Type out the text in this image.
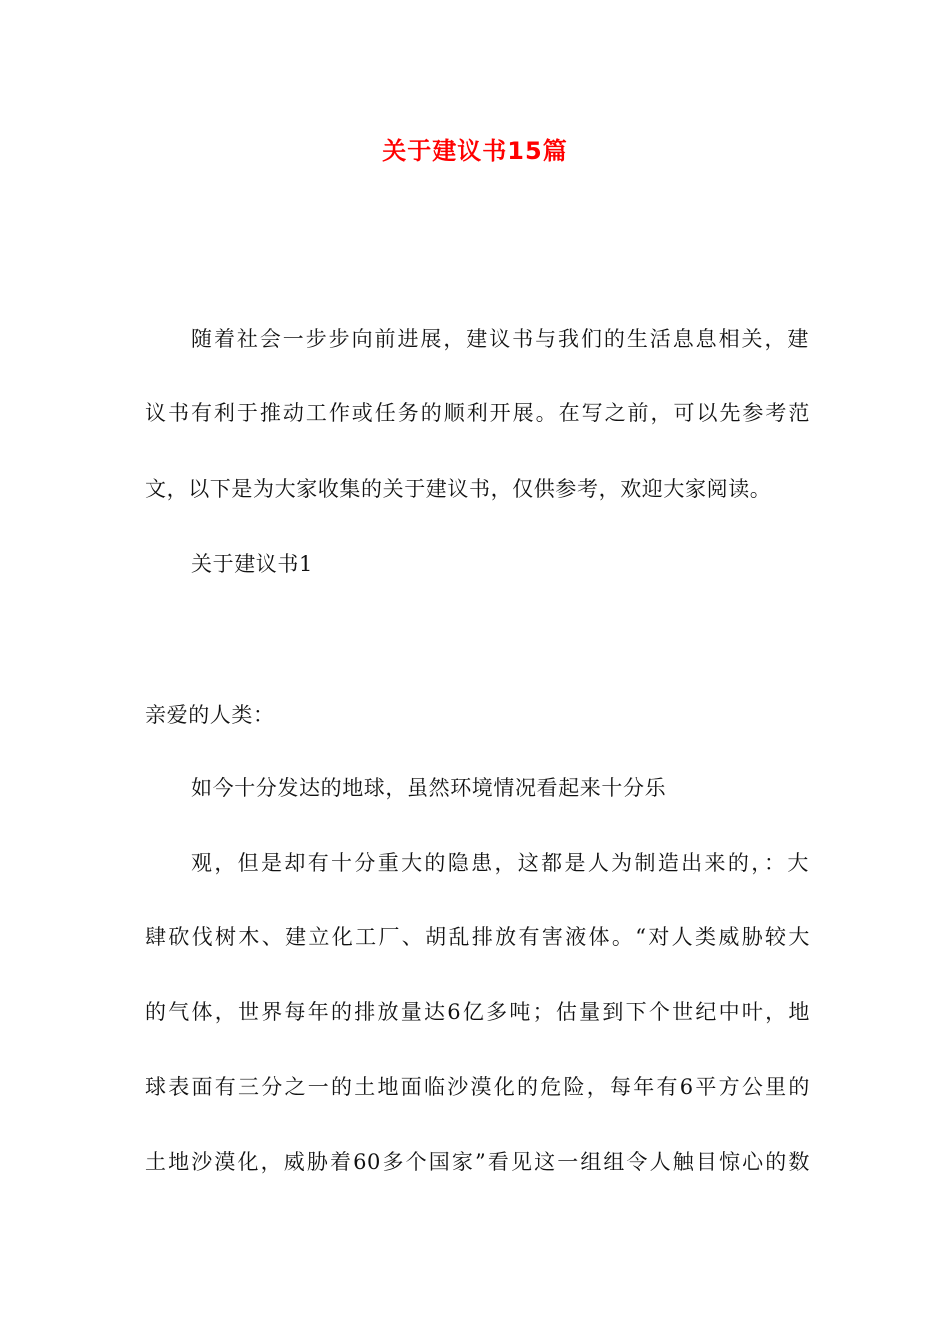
关于建议书15篇
随着社会一步步向前进展，建议书与我们的生活息息相关，建
议书有利于推动工作或任务的顺利开展。在写之前，可以先参考范
文，以下是为大家收集的关于建议书，仅供参考，欢迎大家阅读。
关于建议书1
亲爱的人类：
如今十分发达的地球，虽然环境情况看起来十分乐
观，但是却有十分重大的隐患，这都是人为制造出来的，：大
肆砍伐树木、建立化工厂、胡乱排放有害液体。“对人类威胁较大
的气体，世界每年的排放量达6亿多吨；估量到下个世纪中叶，地
球表面有三分之一的土地面临沙漠化的危险，每年有6平方公里的
土地沙漠化，威胁着60多个国家”看见这一组组令人触目惊心的数
